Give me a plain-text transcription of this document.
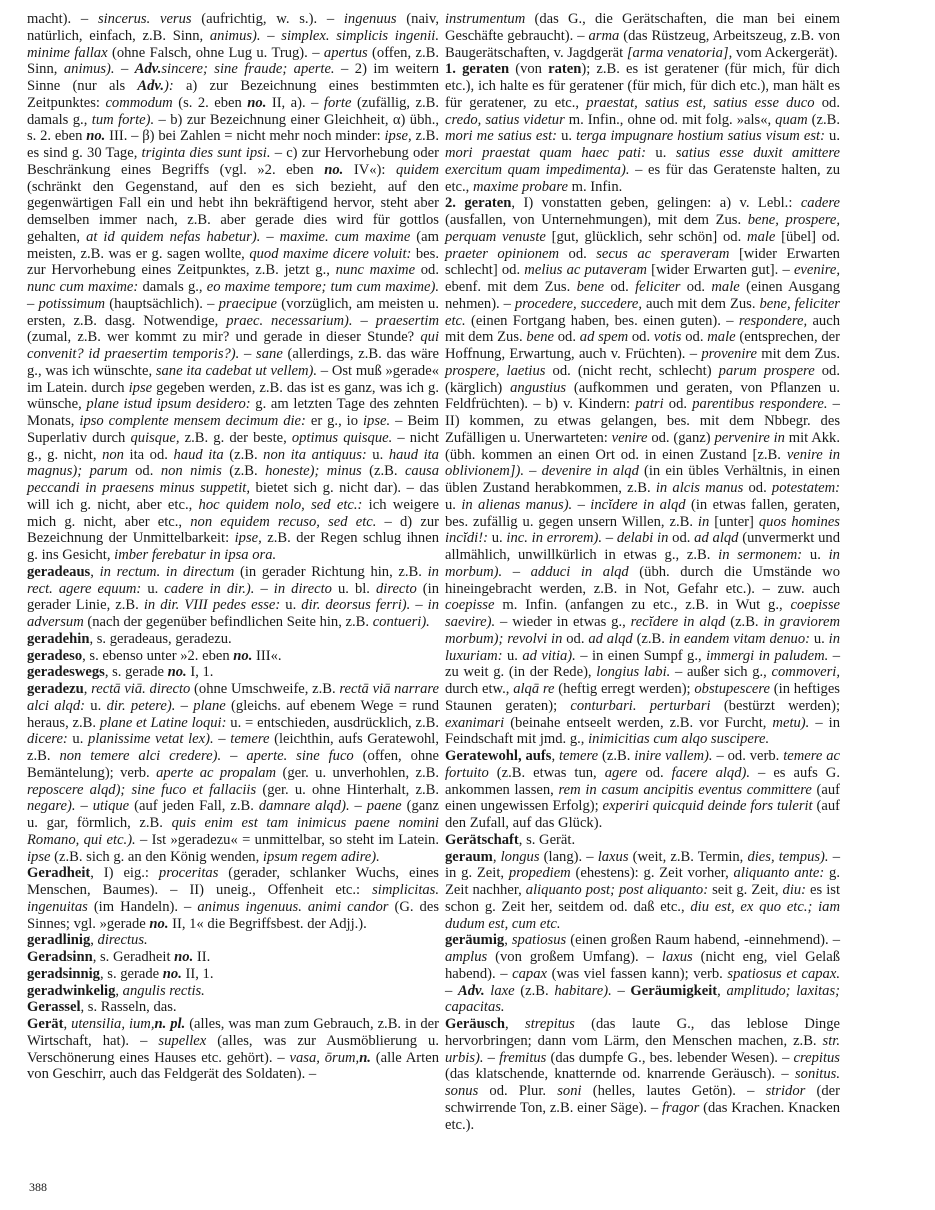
macht). – sincerus. verus (aufrichtig, w. s.). – ingenuus (naiv, natürlich, einfach, z.B. Sinn, animus). – simplex. simplicis ingenii. minime fallax (ohne Falsch, ohne Lug u. Trug). – apertus (offen, z.B. Sinn, animus). – Adv.sincere; sine fraude; aperte. – 2) im weitern Sinne (nur als Adv.): a) zur Bezeichnung eines bestimmten Zeitpunktes: commodum (s. 2. eben no. II, a). – forte (zufällig, z.B. damals g., tum forte). – b) zur Bezeichnung einer Gleichheit, α) übh., s. 2. eben no. III. – β) bei Zahlen = nicht mehr noch minder: ipse, z.B. es sind g. 30 Tage, triginta dies sunt ipsi. – c) zur Hervorhebung oder Beschränkung eines Begriffs (vgl. »2. eben no. IV«): quidem (schränkt den Gegenstand, auf den es sich bezieht, auf den gegenwärtigen Fall ein und hebt ihn bekräftigend hervor, steht aber demselben immer nach, z.B. aber gerade dies wird für gottlos gehalten, at id quidem nefas habetur). – maxime. cum maxime (am meisten, z.B. was er g. sagen wollte, quod maxime dicere voluit: bes. zur Hervorhebung eines Zeitpunktes, z.B. jetzt g., nunc maxime od. nunc cum maxime: damals g., eo maxime tempore; tum cum maxime). – potissimum (hauptsächlich). – praecipue (vorzüglich, am meisten u. ersten, z.B. dasg. Notwendige, praec. necessarium). – praesertim (zumal, z.B. wer kommt zu mir? und gerade in dieser Stunde? qui convenit? id praesertim temporis?). – sane (allerdings, z.B. das wäre g., was ich wünschte, sane ita cadebat ut vellem). – Ost muß »gerade« im Latein. durch ipse gegeben werden, z.B. das ist es ganz, was ich g. wünsche, plane istud ipsum desidero: g. am letzten Tage des zehnten Monats, ipso complente mensem decimum die: er g., io ipse. – Beim Superlativ durch quisque, z.B. g. der beste, optimus quisque. – nicht g., g. nicht, non ita od. haud ita (z.B. non ita antiquus: u. haud ita magnus); parum od. non nimis (z.B. honeste); minus (z.B. causa peccandi in praesens minus suppetit, bietet sich g. nicht dar). – das will ich g. nicht, aber etc., hoc quidem nolo, sed etc.: ich weigere mich g. nicht, aber etc., non equidem recuso, sed etc. – d) zur Bezeichnung der Unmittelbarkeit: ipse, z.B. der Regen schlug ihnen g. ins Gesicht, imber ferebatur in ipsa ora.

geradeaus, in rectum. in directum (in gerader Richtung hin, z.B. in rect. agere equum: u. cadere in dir.). – in directo u. bl. directo (in gerader Linie, z.B. in dir. VIII pedes esse: u. dir. deorsus ferri). – in adversum (nach der gegenüber befindlichen Seite hin, z.B. contueri).

geradehin, s. geradeaus, geradezu.

geradeso, s. ebenso unter »2. eben no. III«.

geradeswegs, s. gerade no. I, 1.

geradezu, rectā viā. directo (ohne Umschweife, z.B. rectā viā narrare alci alqd: u. dir. petere). – plane (gleichs. auf ebenem Wege = rund heraus, z.B. plane et Latine loqui: u. = entschieden, ausdrücklich, z.B. dicere: u. planissime vetat lex). – temere (leichthin, aufs Geratewohl, z.B. non temere alci credere). – aperte. sine fuco (offen, ohne Bemäntelung); verb. aperte ac propalam (ger. u. unverhohlen, z.B. reposcere alqd); sine fuco et fallaciis (ger. u. ohne Hinterhalt, z.B. negare). – utique (auf jeden Fall, z.B. damnare alqd). – paene (ganz u. gar, förmlich, z.B. quis enim est tam inimicus paene nomini Romano, qui etc.). – Ist »geradezu« = unmittelbar, so steht im Latein. ipse (z.B. sich g. an den König wenden, ipsum regem adire).

Geradheit, I) eig.: proceritas (gerader, schlanker Wuchs, eines Menschen, Baumes). – II) uneig., Offenheit etc.: simplicitas. ingenuitas (im Handeln). – animus ingenuus. animi candor (G. des Sinnes; vgl. »gerade no. II, 1« die Begriffsbest. der Adjj.).

geradlinig, directus.

Geradsinn, s. Geradheit no. II.

geradsinnig, s. gerade no. II, 1.

geradwinkelig, angulis rectis.

Gerassel, s. Rasseln, das.

Gerät, utensilia, ium,n. pl. (alles, was man zum Gebrauch, z.B. in der Wirtschaft, hat). – supellex (alles, was zur Ausmöblierung u. Verschönerung eines Hauses etc. gehört). – vasa, ōrum,n. (alle Arten von Geschirr, auch das Feldgerät des Soldaten). –

instrumentum (das G., die Gerätschaften, die man bei einem Geschäfte gebraucht). – arma (das Rüstzeug, Arbeitszeug, z.B. von Baugerätschaften, v. Jagdgerät [arma venatoria], vom Ackergerät).

1. geraten (von raten); z.B. es ist geratener (für mich, für dich etc.), ich halte es für geratener (für mich, für dich etc.), man hält es für geratener, zu etc., praestat, satius est, satius esse duco od. credo, satius videtur m. Infin., ohne od. mit folg. »als«, quam (z.B. mori me satius est: u. terga impugnare hostium satius visum est: u. mori praestat quam haec pati: u. satius esse duxit amittere exercitum quam impedimenta). – es für das Geratenste halten, zu etc., maxime probare m. Infin.

2. geraten, I) vonstatten geben, gelingen: a) v. Lebl.: cadere (ausfallen, von Unternehmungen), mit dem Zus. bene, prospere, perquam venuste [gut, glücklich, sehr schön] od. male [übel] od. praeter opinionem od. secus ac speraveram [wider Erwarten schlecht] od. melius ac putaveram [wider Erwarten gut]. – evenire, ebenf. mit dem Zus. bene od. feliciter od. male (einen Ausgang nehmen). – procedere, succedere, auch mit dem Zus. bene, feliciter etc. (einen Fortgang haben, bes. einen guten). – respondere, auch mit dem Zus. bene od. ad spem od. votis od. male (entsprechen, der Hoffnung, Erwartung, auch v. Früchten). – provenire mit dem Zus. prospere, laetius od. (nicht recht, schlecht) parum prospere od. (kärglich) angustius (aufkommen und geraten, von Pflanzen u. Feldfrüchten). – b) v. Kindern: patri od. parentibus respondere. – II) kommen, zu etwas gelangen, bes. mit dem Nbbegr. des Zufälligen u. Unerwarteten: venire od. (ganz) pervenire in mit Akk. (übh. kommen an einen Ort od. in einen Zustand [z.B. venire in oblivionem]). – devenire in alqd (in ein übles Verhältnis, in einen üblen Zustand herabkommen, z.B. in alcis manus od. potestatem: u. in alienas manus). – incĭdere in alqd (in etwas fallen, geraten, bes. zufällig u. gegen unsern Willen, z.B. in [unter] quos homines incĭdi!: u. inc. in errorem). – delabi in od. ad alqd (unvermerkt und allmählich, unwillkürlich in etwas g., z.B. in sermonem: u. in morbum). – adduci in alqd (übh. durch die Umstände wo hineingebracht werden, z.B. in Not, Gefahr etc.). – zuw. auch coepisse m. Infin. (anfangen zu etc., z.B. in Wut g., coepisse saevire). – wieder in etwas g., recĭdere in alqd (z.B. in graviorem morbum); revolvi in od. ad alqd (z.B. in eandem vitam denuo: u. in luxuriam: u. ad vitia). – in einen Sumpf g., immergi in paludem. – zu weit g. (in der Rede), longius labi. – außer sich g., commoveri, durch etw., alqā re (heftig erregt werden); obstupescere (in heftiges Staunen geraten); conturbari. perturbari (bestürzt werden); exanimari (beinahe entseelt werden, z.B. vor Furcht, metu). – in Feindschaft mit jmd. g., inimicitias cum alqo suscipere.

Geratewohl, aufs, temere (z.B. inire vallem). – od. verb. temere ac fortuito (z.B. etwas tun, agere od. facere alqd). – es aufs G. ankommen lassen, rem in casum ancipitis eventus committere (auf einen ungewissen Erfolg); experiri quicquid deinde fors tulerit (auf den Zufall, auf das Glück).

Gerätschaft, s. Gerät.

geraum, longus (lang). – laxus (weit, z.B. Termin, dies, tempus). – in g. Zeit, propediem (ehestens): g. Zeit vorher, aliquanto ante: g. Zeit nachher, aliquanto post; post aliquanto: seit g. Zeit, diu: es ist schon g. Zeit her, seitdem od. daß etc., diu est, ex quo etc.; iam dudum est, cum etc.

geräumig, spatiosus (einen großen Raum habend, -einnehmend). – amplus (von großem Umfang). – laxus (nicht eng, viel Gelaß habend). – capax (was viel fassen kann); verb. spatiosus et capax. – Adv. laxe (z.B. habitare). – Geräumigkeit, amplitudo; laxitas; capacitas.

Geräusch, strepitus (das laute G., das leblose Dinge hervorbringen; dann vom Lärm, den Menschen machen, z.B. str. urbis). – fremitus (das dumpfe G., bes. lebender Wesen). – crepitus (das klatschende, knatternde od. knarrende Geräusch). – sonitus. sonus od. Plur. soni (helles, lautes Getön). – stridor (der schwirrende Ton, z.B. einer Säge). – fragor (das Krachen. Knacken etc.).

388
